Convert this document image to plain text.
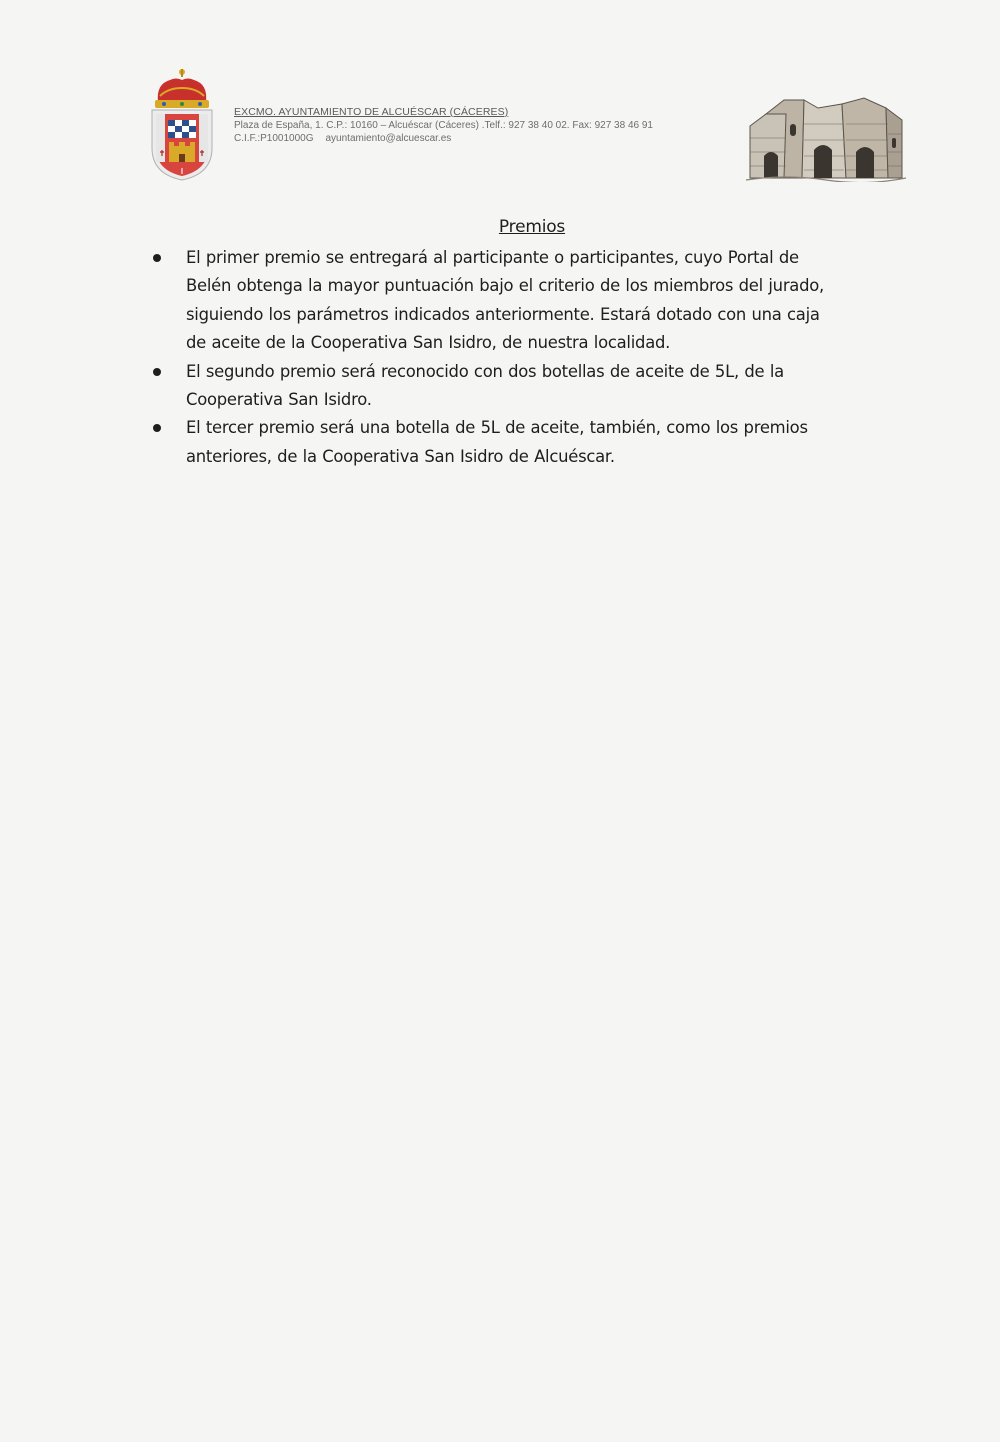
EXCMO. AYUNTAMIENTO DE ALCUÉSCAR (CÁCERES)
Plaza de España, 1. C.P.: 10160 – Alcuéscar (Cáceres) .Telf.: 927 38 40 02. Fax: 927 38 46 91
C.I.F.:P1001000G ayuntamiento@alcuescar.es
Premios
El primer premio se entregará al participante o participantes, cuyo Portal de
Belén obtenga la mayor puntuación bajo el criterio de los miembros del jurado,
siguiendo los parámetros indicados anteriormente. Estará dotado con una caja
de aceite de la Cooperativa San Isidro, de nuestra localidad.
El segundo premio será reconocido con dos botellas de aceite de 5L, de la
Cooperativa San Isidro.
El tercer premio será una botella de 5L de aceite, también, como los premios
anteriores, de la Cooperativa San Isidro de Alcuéscar.
